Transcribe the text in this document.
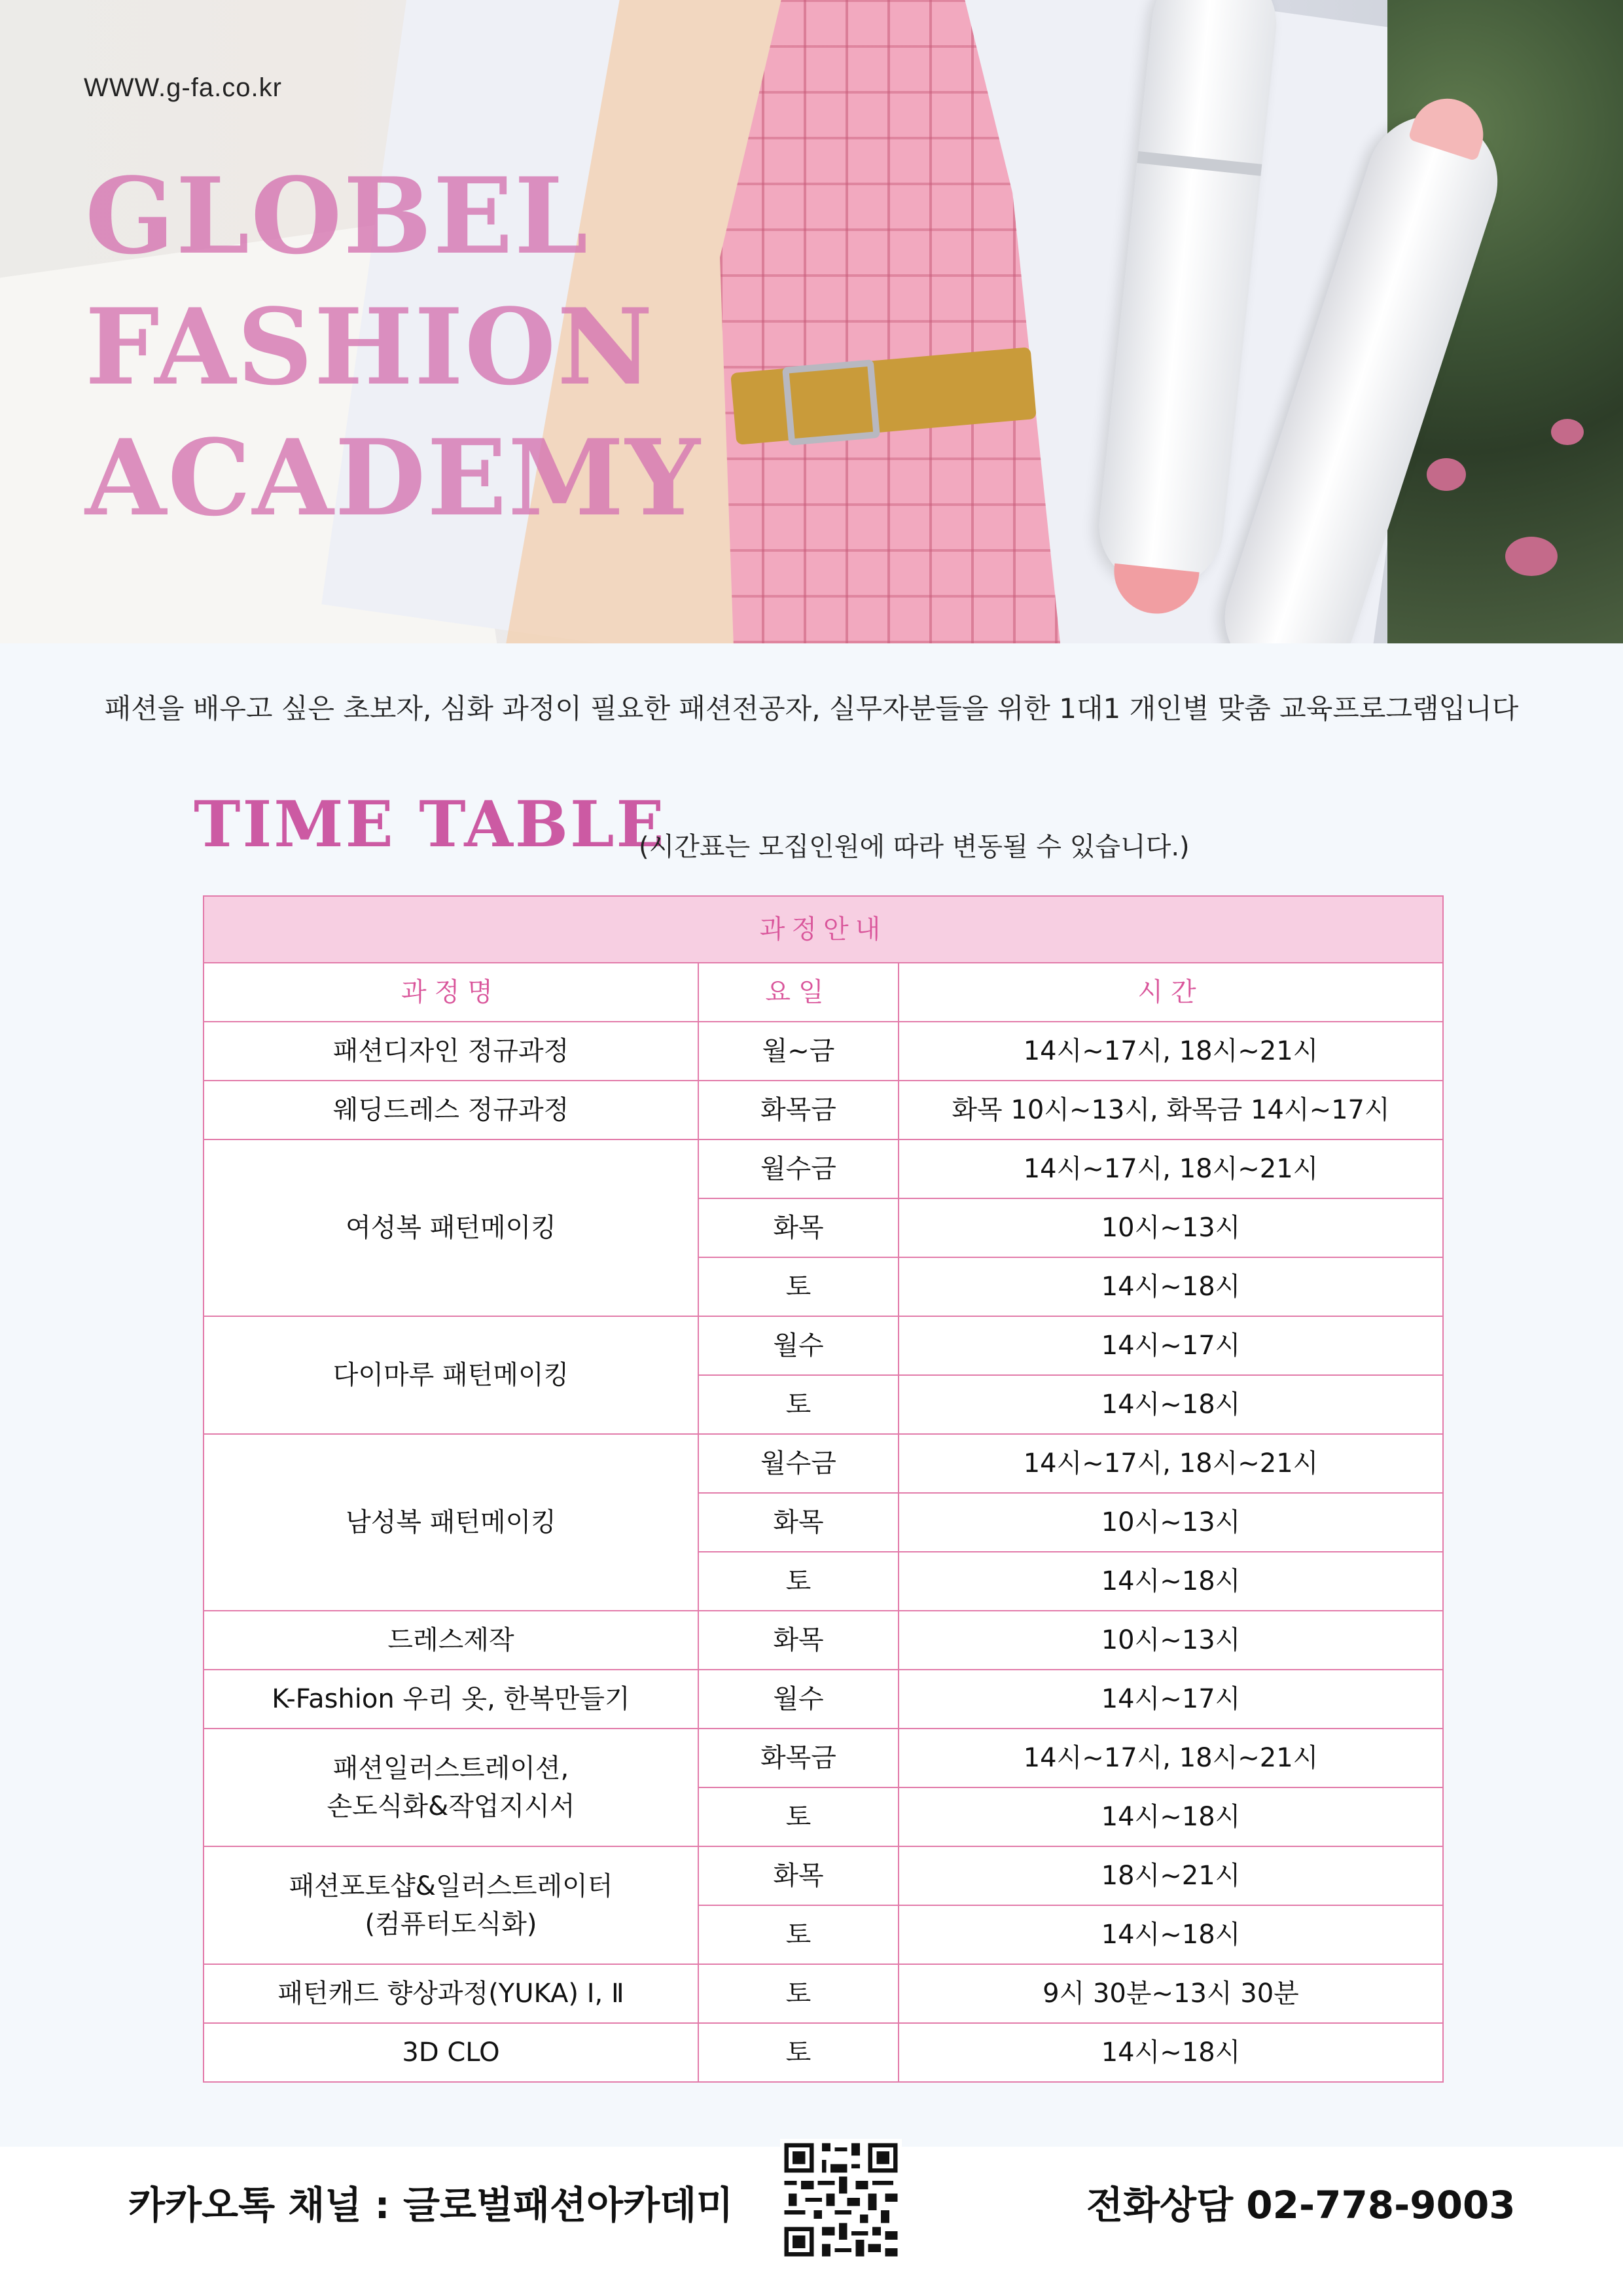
WWW.g-fa.co.kr
GLOBEL
FASHION
ACADEMY
패션을 배우고 싶은 초보자, 심화 과정이 필요한 패션전공자, 실무자분들을 위한 1대1 개인별 맞춤 교육프로그램입니다
TIME TABLE
(시간표는 모집인원에 따라 변동될 수 있습니다.)
과정안내		
과정명	요일	시간
패션디자인 정규과정	월~금	14시~17시, 18시~21시
웨딩드레스 정규과정	화목금	화목 10시~13시, 화목금 14시~17시
여성복 패턴메이킹	월수금	14시~17시, 18시~21시
	화목	10시~13시
	토	14시~18시
다이마루 패턴메이킹	월수	14시~17시
	토	14시~18시
남성복 패턴메이킹	월수금	14시~17시, 18시~21시
	화목	10시~13시
	토	14시~18시
드레스제작	화목	10시~13시
K-Fashion 우리 옷, 한복만들기	월수	14시~17시
패션일러스트레이션,
손도식화&작업지시서	화목금	14시~17시, 18시~21시
	토	14시~18시
패션포토샵&일러스트레이터
(컴퓨터도식화)	화목	18시~21시
	토	14시~18시
패턴캐드 향상과정(YUKA) Ⅰ, Ⅱ	토	9시 30분~13시 30분
3D CLO	토	14시~18시
카카오톡 채널 : 글로벌패션아카데미	전화상담 02-778-9003
